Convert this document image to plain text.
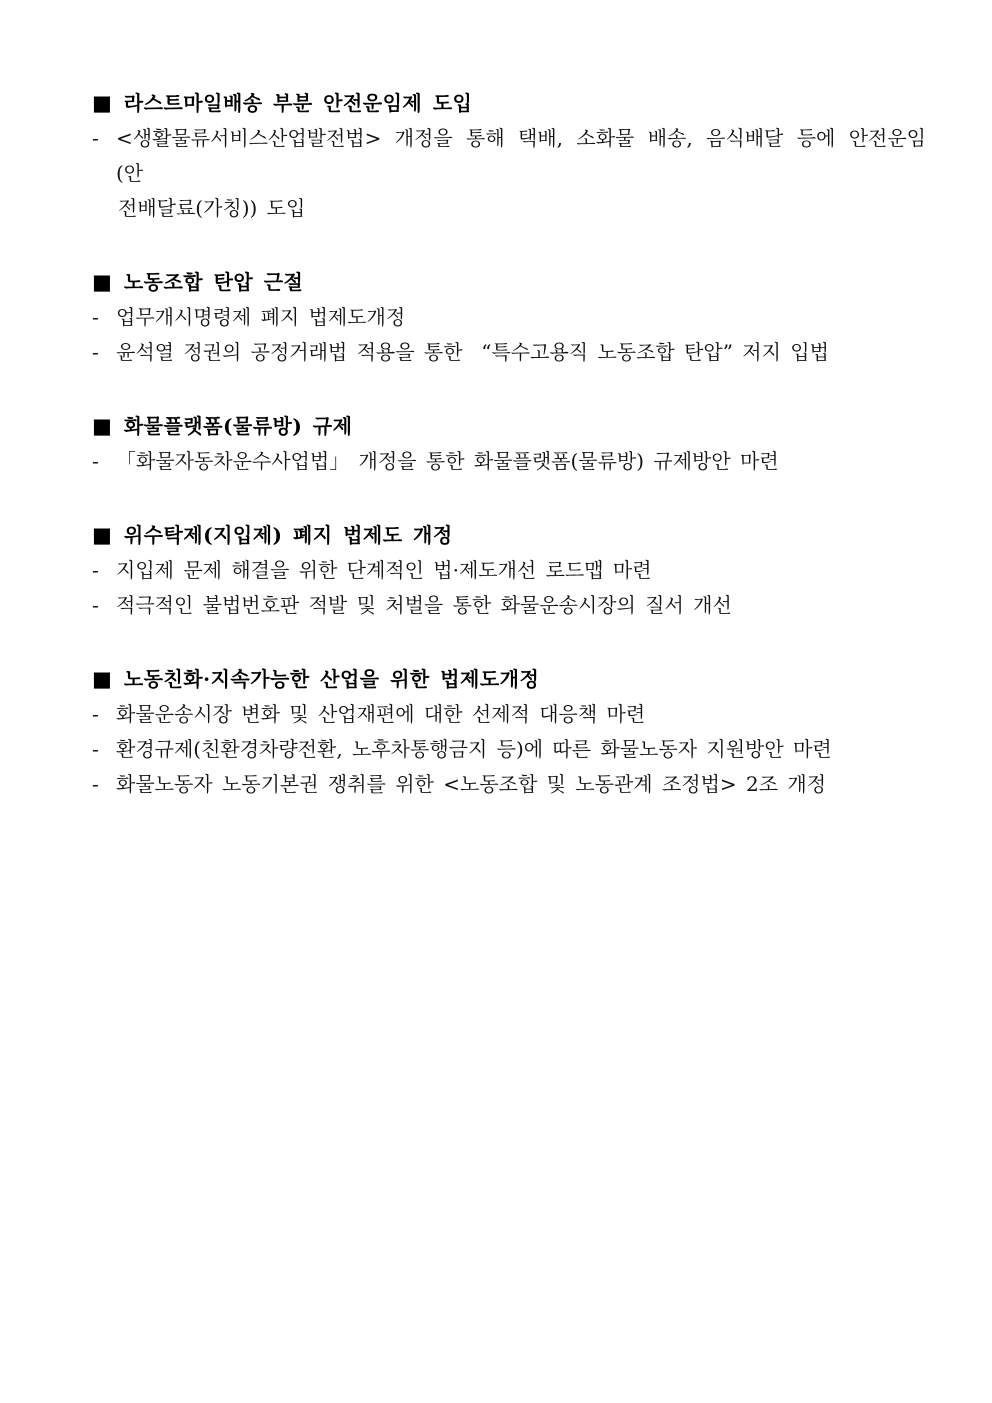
■ 라스트마일배송 부분 안전운임제 도입
- <생활물류서비스산업발전법> 개정을 통해 택배, 소화물 배송, 음식배달 등에 안전운임(안
전배달료(가칭)) 도입
■ 노동조합 탄압 근절
- 업무개시명령제 폐지 법제도개정
- 윤석열 정권의 공정거래법 적용을 통한  “특수고용직 노동조합 탄압” 저지 입법
■ 화물플랫폼(물류방) 규제
- 「화물자동차운수사업법」 개정을 통한 화물플랫폼(물류방) 규제방안 마련
■ 위수탁제(지입제) 폐지 법제도 개정
- 지입제 문제 해결을 위한 단계적인 법·제도개선 로드맵 마련
- 적극적인 불법번호판 적발 및 처벌을 통한 화물운송시장의 질서 개선
■ 노동친화·지속가능한 산업을 위한 법제도개정
- 화물운송시장 변화 및 산업재편에 대한 선제적 대응책 마련
- 환경규제(친환경차량전환, 노후차통행금지 등)에 따른 화물노동자 지원방안 마련
- 화물노동자 노동기본권 쟁취를 위한 <노동조합 및 노동관계 조정법> 2조 개정
